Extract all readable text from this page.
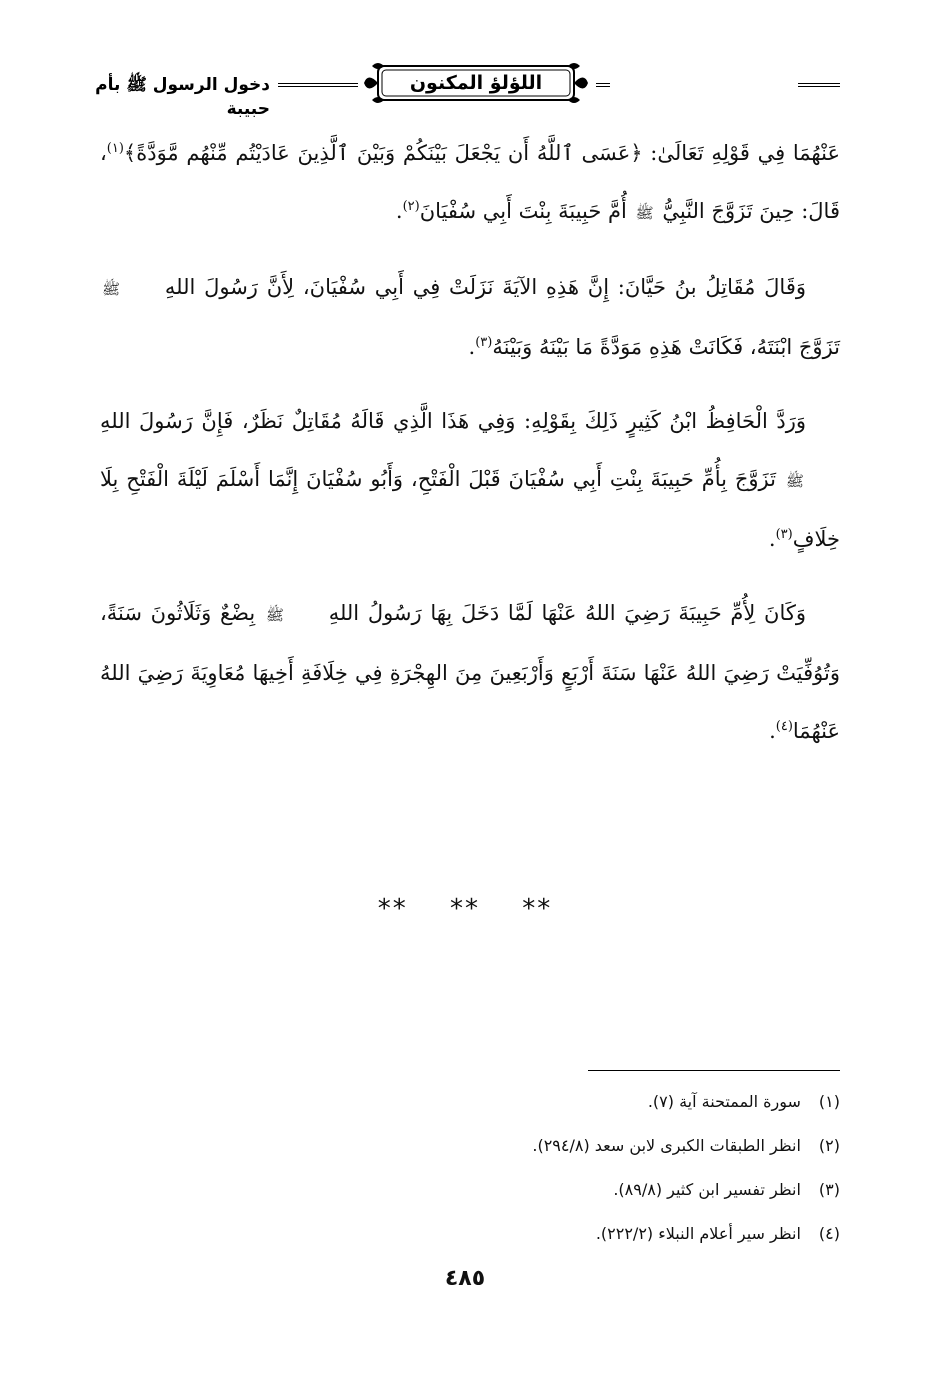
دخول الرسول ﷺ بأم حبيبة
اللؤلؤ المكنون

عَنْهُمَا فِي قَوْلِهِ تَعَالَىٰ: ﴿عَسَى ٱللَّهُ أَن يَجْعَلَ بَيْنَكُمْ وَبَيْنَ ٱلَّذِينَ عَادَيْتُم مِّنْهُم مَّوَدَّةً﴾$^{(١)}$، قَالَ: حِينَ تَزَوَّجَ النَّبِيُّ ﷺ أُمَّ حَبِيبَةَ بِنْتَ أَبِي سُفْيَانَ$^{(٢)}$.

وَقَالَ مُقَاتِلُ بنُ حَيَّانَ: إِنَّ هَذِهِ الآيَةَ نَزَلَتْ فِي أَبِي سُفْيَانَ، لِأَنَّ رَسُولَ اللهِ ﷺ تَزَوَّجَ ابْنَتَهُ، فَكَانَتْ هَذِهِ مَوَدَّةً مَا بَيْنَهُ وَبَيْنَهُ$^{(٣)}$.

وَرَدَّ الْحَافِظُ ابْنُ كَثِيرٍ ذَلِكَ بِقَوْلِهِ: وَفِي هَذَا الَّذِي قَالَهُ مُقَاتِلٌ نَظَرٌ، فَإِنَّ رَسُولَ اللهِ ﷺ تَزَوَّجَ بِأُمِّ حَبِيبَةَ بِنْتِ أَبِي سُفْيَانَ قَبْلَ الْفَتْحِ، وَأَبُو سُفْيَانَ إِنَّمَا أَسْلَمَ لَيْلَةَ الْفَتْحِ بِلَا خِلَافٍ$^{(٣)}$.

وَكَانَ لِأُمِّ حَبِيبَةَ رَضِيَ اللهُ عَنْهَا لَمَّا دَخَلَ بِهَا رَسُولُ اللهِ ﷺ بِضْعٌ وَثَلَاثُونَ سَنَةً، وَتُوُفِّيَتْ رَضِيَ اللهُ عَنْهَا سَنَةَ أَرْبَعٍ وَأَرْبَعِينَ مِنَ الهِجْرَةِ فِي خِلَافَةِ أَخِيهَا مُعَاوِيَةَ رَضِيَ اللهُ عَنْهُمَا$^{(٤)}$.

** ** **
(١) سورة الممتحنة آية (٧).
(٢) انظر الطبقات الكبرى لابن سعد (٢٩٤/٨).
(٣) انظر تفسير ابن كثير (٨٩/٨).
(٤) انظر سير أعلام النبلاء (٢٢٢/٢).
٤٨٥
